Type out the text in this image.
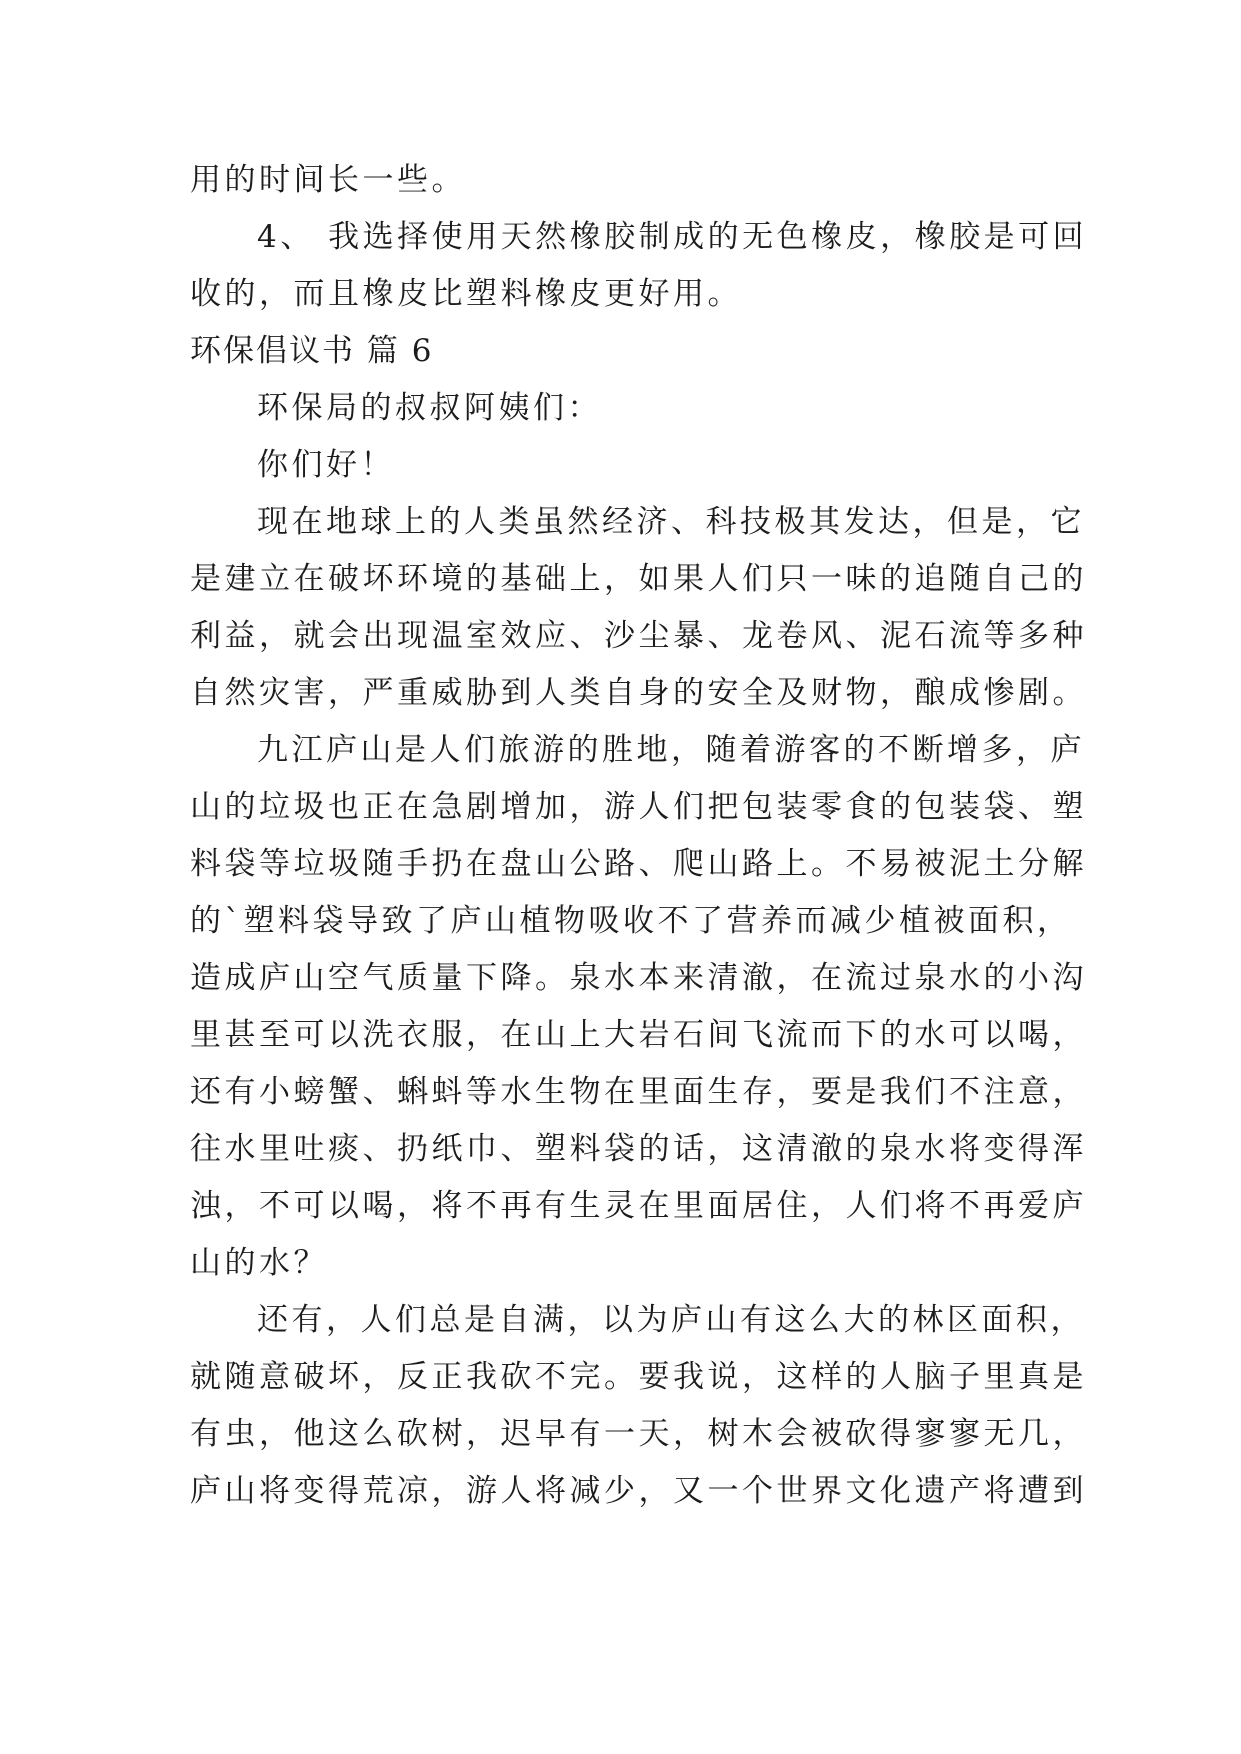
用的时间长一些。
4、 我选择使用天然橡胶制成的无色橡皮，橡胶是可回
收的，而且橡皮比塑料橡皮更好用。
环保倡议书 篇 6
环保局的叔叔阿姨们：
你们好！
现在地球上的人类虽然经济、科技极其发达，但是，它
是建立在破坏环境的基础上，如果人们只一味的追随自己的
利益，就会出现温室效应、沙尘暴、龙卷风、泥石流等多种
自然灾害，严重威胁到人类自身的安全及财物，酿成惨剧。
九江庐山是人们旅游的胜地，随着游客的不断增多，庐
山的垃圾也正在急剧增加，游人们把包装零食的包装袋、塑
料袋等垃圾随手扔在盘山公路、爬山路上。不易被泥土分解
的`塑料袋导致了庐山植物吸收不了营养而减少植被面积，
造成庐山空气质量下降。泉水本来清澈，在流过泉水的小沟
里甚至可以洗衣服，在山上大岩石间飞流而下的水可以喝，
还有小螃蟹、蝌蚪等水生物在里面生存，要是我们不注意，
往水里吐痰、扔纸巾、塑料袋的话，这清澈的泉水将变得浑
浊，不可以喝，将不再有生灵在里面居住，人们将不再爱庐
山的水？
还有，人们总是自满，以为庐山有这么大的林区面积，
就随意破坏，反正我砍不完。要我说，这样的人脑子里真是
有虫，他这么砍树，迟早有一天，树木会被砍得寥寥无几，
庐山将变得荒凉，游人将减少，又一个世界文化遗产将遭到
